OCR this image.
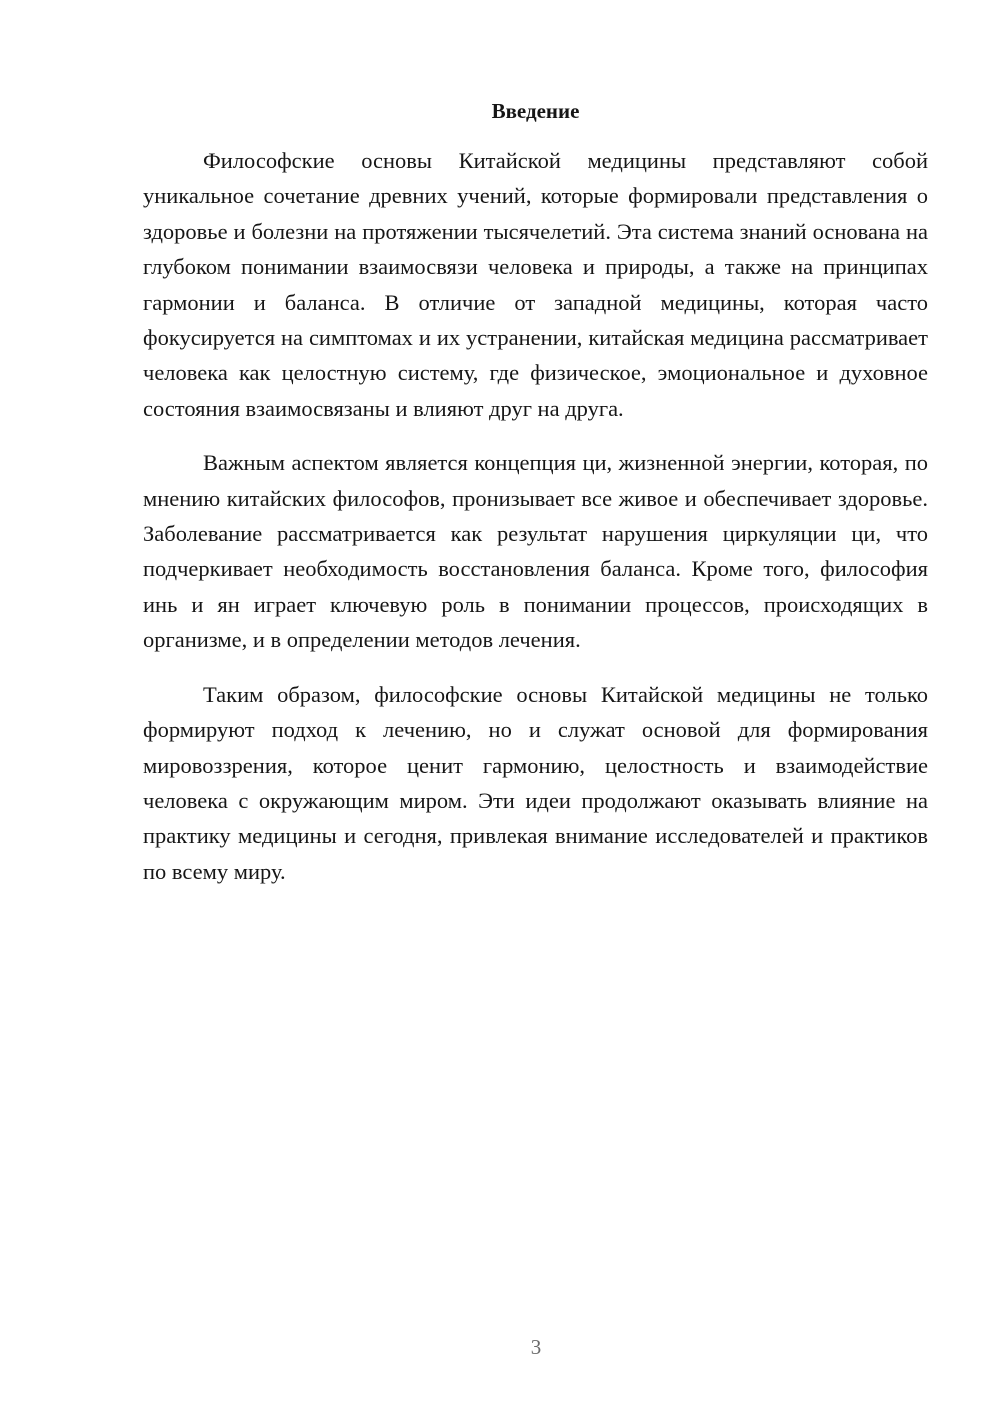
Введение

Философские основы Китайской медицины представляют собой уникальное сочетание древних учений, которые формировали представления о здоровье и болезни на протяжении тысячелетий. Эта система знаний основана на глубоком понимании взаимосвязи человека и природы, а также на принципах гармонии и баланса. В отличие от западной медицины, которая часто фокусируется на симптомах и их устранении, китайская медицина рассматривает человека как целостную систему, где физическое, эмоциональное и духовное состояния взаимосвязаны и влияют друг на друга.

Важным аспектом является концепция ци, жизненной энергии, которая, по мнению китайских философов, пронизывает все живое и обеспечивает здоровье. Заболевание рассматривается как результат нарушения циркуляции ци, что подчеркивает необходимость восстановления баланса. Кроме того, философия инь и ян играет ключевую роль в понимании процессов, происходящих в организме, и в определении методов лечения.

Таким образом, философские основы Китайской медицины не только формируют подход к лечению, но и служат основой для формирования мировоззрения, которое ценит гармонию, целостность и взаимодействие человека с окружающим миром. Эти идеи продолжают оказывать влияние на практику медицины и сегодня, привлекая внимание исследователей и практиков по всему миру.

3
